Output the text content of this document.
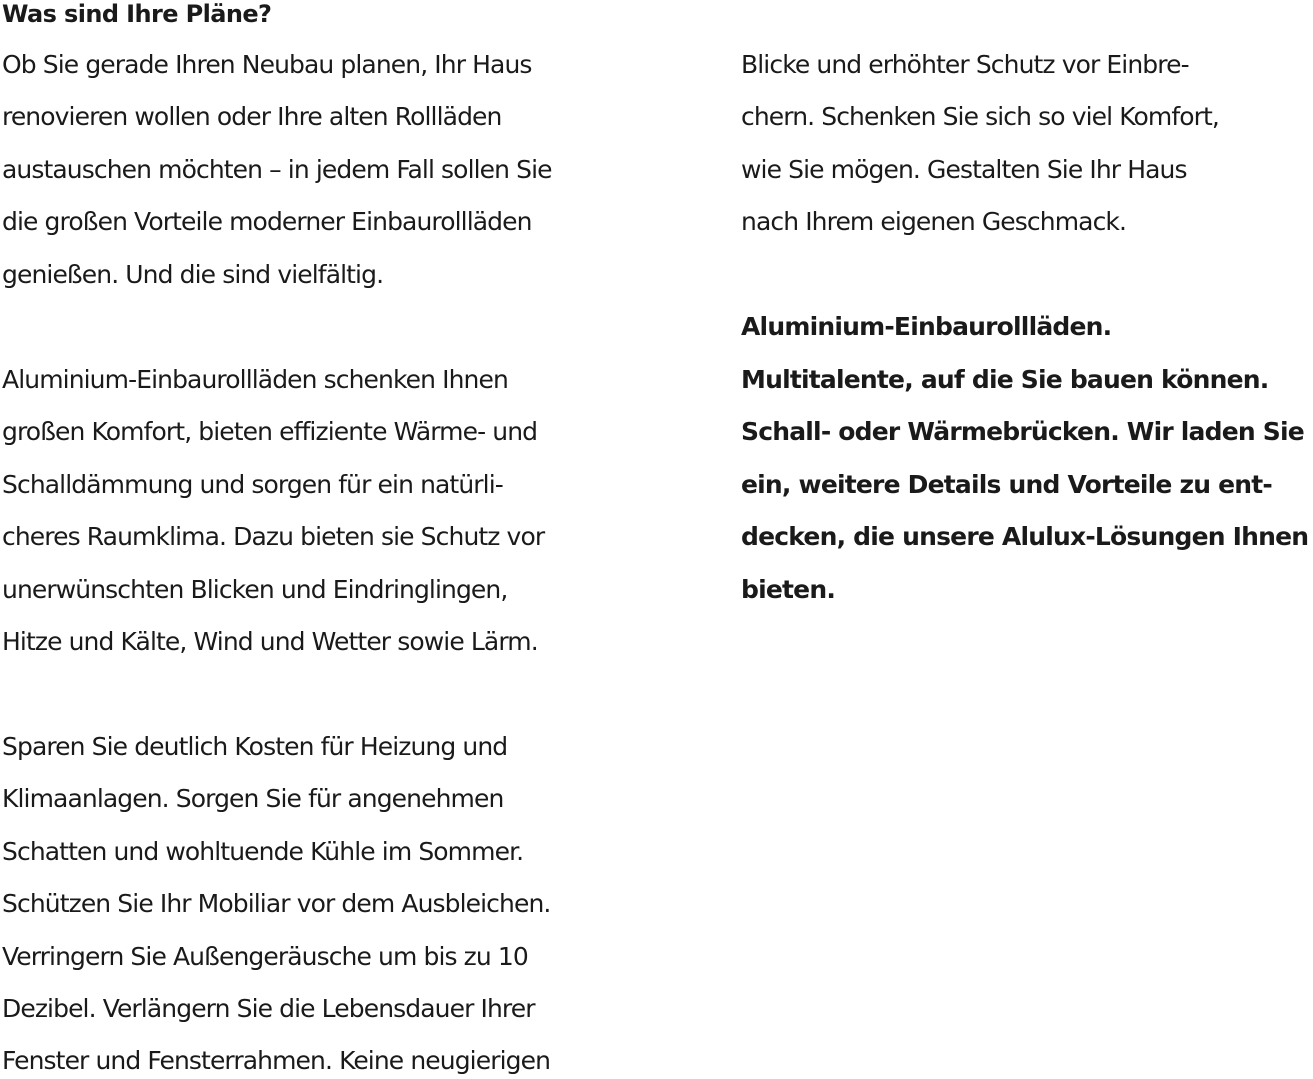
Was sind Ihre Pläne?
Ob Sie gerade Ihren Neubau planen, Ihr Haus
renovieren wollen oder Ihre alten Rollläden
austauschen möchten – in jedem Fall sollen Sie
die großen Vorteile moderner Einbaurollläden
genießen. Und die sind vielfältig.
Aluminium-Einbaurollläden schenken Ihnen
großen Komfort, bieten effiziente Wärme- und
Schalldämmung und sorgen für ein natürli-
cheres Raumklima. Dazu bieten sie Schutz vor
unerwünschten Blicken und Eindringlingen,
Hitze und Kälte, Wind und Wetter sowie Lärm.
Sparen Sie deutlich Kosten für Heizung und
Klimaanlagen. Sorgen Sie für angenehmen
Schatten und wohltuende Kühle im Sommer.
Schützen Sie Ihr Mobiliar vor dem Ausbleichen.
Verringern Sie Außengeräusche um bis zu 10
Dezibel. Verlängern Sie die Lebensdauer Ihrer
Fenster und Fensterrahmen. Keine neugierigen
Blicke und erhöhter Schutz vor Einbre-
chern. Schenken Sie sich so viel Komfort,
wie Sie mögen. Gestalten Sie Ihr Haus
nach Ihrem eigenen Geschmack.
Aluminium-Einbaurollläden.
Multitalente, auf die Sie bauen können.
Schall- oder Wärmebrücken. Wir laden Sie
ein, weitere Details und Vorteile zu ent-
decken, die unsere Alulux-Lösungen Ihnen
bieten.
